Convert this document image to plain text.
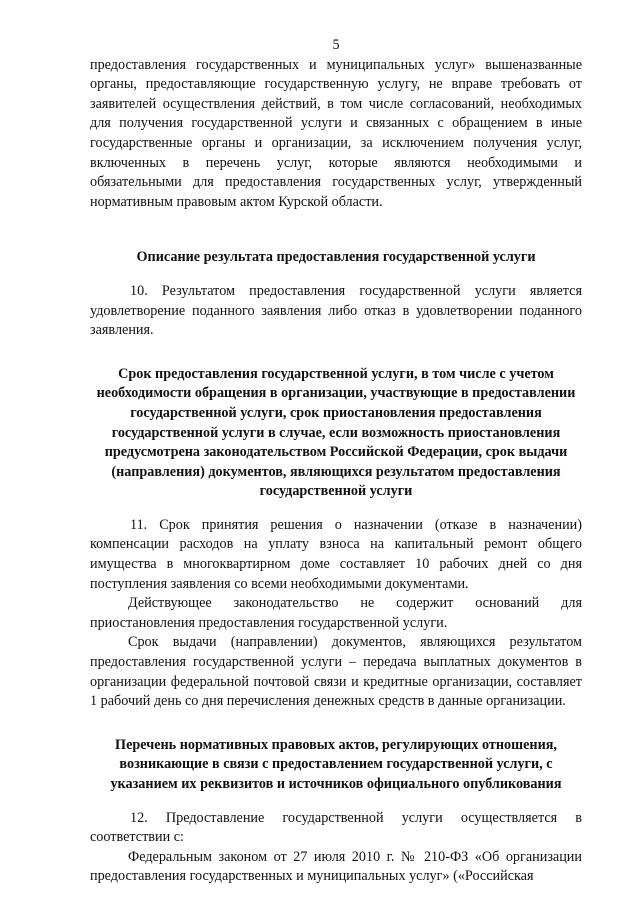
5

предоставления государственных и муниципальных услуг» вышеназванные органы, предоставляющие государственную услугу, не вправе требовать от заявителей осуществления действий, в том числе согласований, необходимых для получения государственной услуги и связанных с обращением в иные государственные органы и организации, за исключением получения услуг, включенных в перечень услуг, которые являются необходимыми и обязательными для предоставления государственных услуг, утвержденный нормативным правовым актом Курской области.

Описание результата предоставления государственной услуги

10. Результатом предоставления государственной услуги является удовлетворение поданного заявления либо отказ в удовлетворении поданного заявления.

Срок предоставления государственной услуги, в том числе с учетом необходимости обращения в организации, участвующие в предоставлении государственной услуги, срок приостановления предоставления государственной услуги в случае, если возможность приостановления предусмотрена законодательством Российской Федерации, срок выдачи (направления) документов, являющихся результатом предоставления государственной услуги

11. Срок принятия решения о назначении (отказе в назначении) компенсации расходов на уплату взноса на капитальный ремонт общего имущества в многоквартирном доме составляет 10 рабочих дней со дня поступления заявления со всеми необходимыми документами.

Действующее законодательство не содержит оснований для приостановления предоставления государственной услуги.

Срок выдачи (направлении) документов, являющихся результатом предоставления государственной услуги – передача выплатных документов в организации федеральной почтовой связи и кредитные организации, составляет 1 рабочий день со дня перечисления денежных средств в данные организации.

Перечень нормативных правовых актов, регулирующих отношения, возникающие в связи с предоставлением государственной услуги, с указанием их реквизитов и источников официального опубликования

12. Предоставление государственной услуги осуществляется в соответствии с:

Федеральным законом от 27 июля 2010 г. № 210-ФЗ «Об организации предоставления государственных и муниципальных услуг» («Российская
